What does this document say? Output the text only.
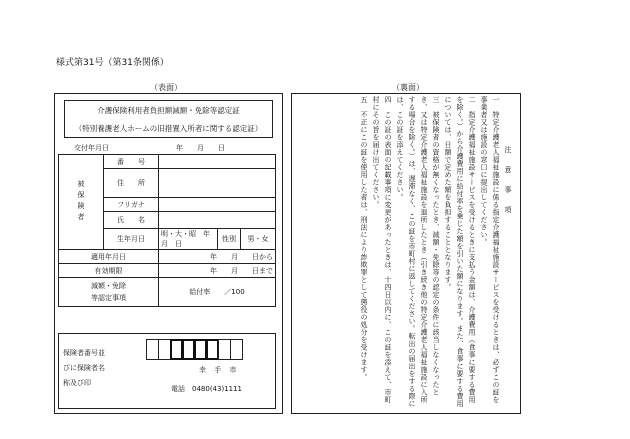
様式第31号（第31条関係）
（表面）	（裏面）
介護保険利用者負担額減額・免除等認定証
（特別養護老人ホームの旧措置入所者に関する認定証）
交付年月日	年　　月　　日
被保険者	番　　号			
	住　　所			
	フリガナ			
	氏　　名			
	生年月日	明・大・昭　年　月　日	性別	男・女
適用年月日		年　　月　　日から		
有効期限		年　　月　　日まで		

減額・免除
等認定事項		給付率　　／100		
保険者番号並びに保険者名称及び印
幸 手 市
電話　0480(43)1111

注　意　事　項

一　特定介護老人福祉施設に係る指定介護福祉施設サービスを受けるときは、必ずこの証を事業者又は施設の窓口に提出してください。

二　指定介護福祉施設サービスを受けるときに支払う金額は、介護費用（食事に要する費用を除く。）から介護費用に給付率を乗じた額を引いた額になります。また、食事に要する費用については、日額で定めた額を負担することとなります。

三　被保険者の資格が無くなったとき、減額・免除等の認定の条件に該当しなくなったとき、又は特定介護老人福祉施設を退所したとき（引き続き他の特定介護老人福祉施設に入所する場合を除く。）は、遅滞なく、この証を市町村に返してください。転出の届出をする際には、この証を添えてください。

四　この証の表面の記載事項に変更があったときは、十四日以内に、この証を添えて、市町村にその旨を届け出てください。

五　不正にこの証を使用した者は、刑法により詐欺罪として懲役の処分を受けます。
